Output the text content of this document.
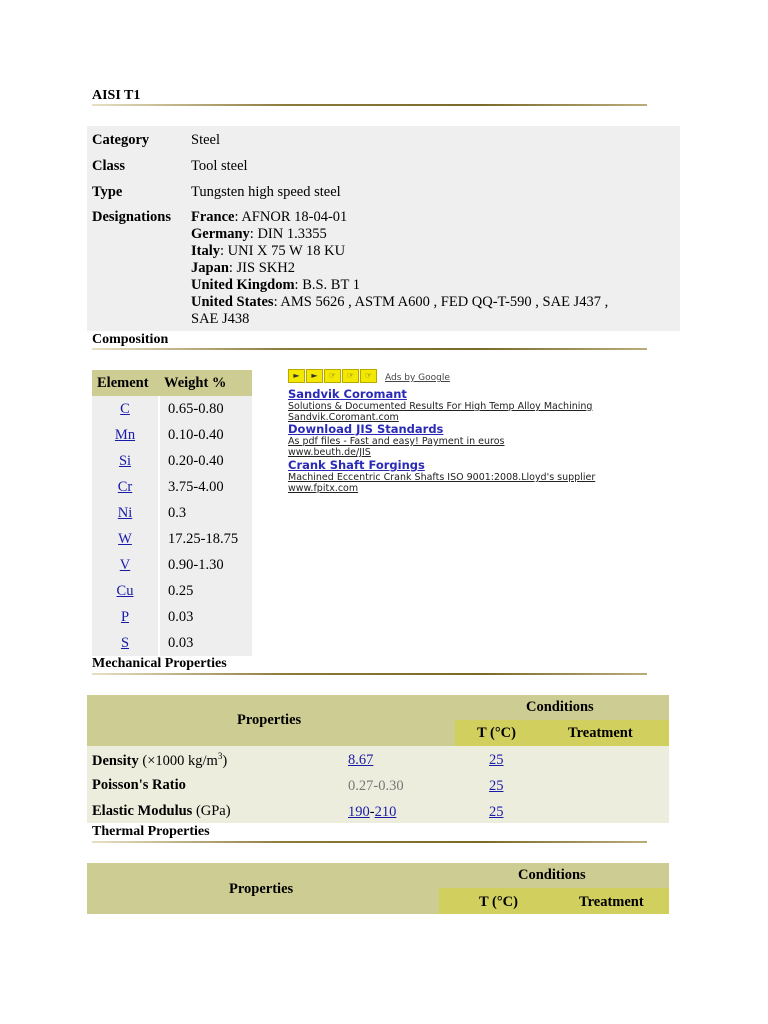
AISI T1
Category	Steel
Class	Tool steel
Type	Tungsten high speed steel
Designations France: AFNOR 18-04-01
Germany: DIN 1.3355
Italy: UNI X 75 W 18 KU
Japan: JIS SKH2
United Kingdom: B.S. BT 1
United States: AMS 5626 , ASTM A600 , FED QQ-T-590 , SAE J437 ,
SAE J438
Composition
Element	Weight %
C	0.65-0.80
Mn	0.10-0.40
Si	0.20-0.40
Cr	3.75-4.00
Ni	0.3
W	17.25-18.75
V	0.90-1.30
Cu	0.25
P	0.03
S	0.03
►	►	☞	☞	☞	Ads by Google
Sandvik Coromant
Solutions & Documented Results For High Temp Alloy Machining
Sandvik.Coromant.com
Download JIS Standards
As pdf files - Fast and easy! Payment in euros
www.beuth.de/JIS
Crank Shaft Forgings
Machined Eccentric Crank Shafts ISO 9001:2008.Lloyd's supplier
www.fpitx.com
Mechanical Properties
Properties
Conditions
T (°C)	Treatment
Density (×1000 $kg/m^3$)	8.67	25
Poisson's Ratio	0.27-0.30	25
Elastic Modulus (GPa)	190-210	25
Thermal Properties
Properties
Conditions
T (°C)	Treatment
